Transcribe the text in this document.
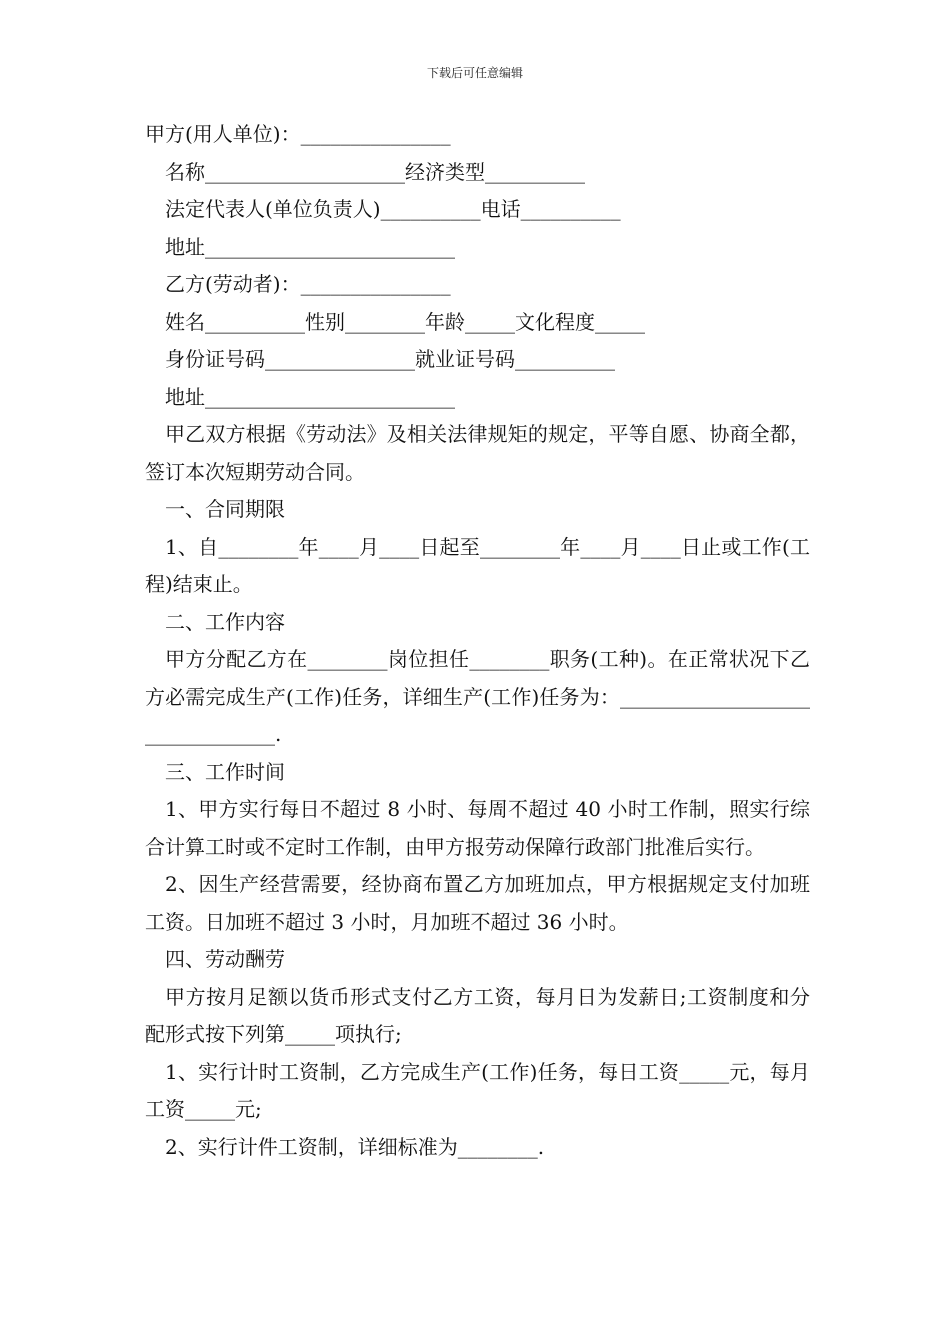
下载后可任意编辑

甲方(用人单位)：_______________

名称____________________经济类型__________

法定代表人(单位负责人)__________电话__________

地址_________________________

乙方(劳动者)：_______________

姓名__________性别________年龄_____文化程度_____

身份证号码_______________就业证号码__________

地址_________________________

甲乙双方根据《劳动法》及相关法律规矩的规定，平等自愿、协商全都，签订本次短期劳动合同。

一、合同期限

1、自________年____月____日起至________年____月____日止或工作(工程)结束止。

二、工作内容

甲方分配乙方在________岗位担任________职务(工种)。在正常状况下乙方必需完成生产(工作)任务，详细生产(工作)任务为：________________________________.

三、工作时间

1、甲方实行每日不超过 8 小时、每周不超过 40 小时工作制，照实行综合计算工时或不定时工作制，由甲方报劳动保障行政部门批准后实行。

2、因生产经营需要，经协商布置乙方加班加点，甲方根据规定支付加班工资。日加班不超过 3 小时，月加班不超过 36 小时。

四、劳动酬劳

甲方按月足额以货币形式支付乙方工资，每月日为发薪日;工资制度和分配形式按下列第_____项执行;

1、实行计时工资制，乙方完成生产(工作)任务，每日工资_____元，每月工资_____元;

2、实行计件工资制，详细标准为________.
